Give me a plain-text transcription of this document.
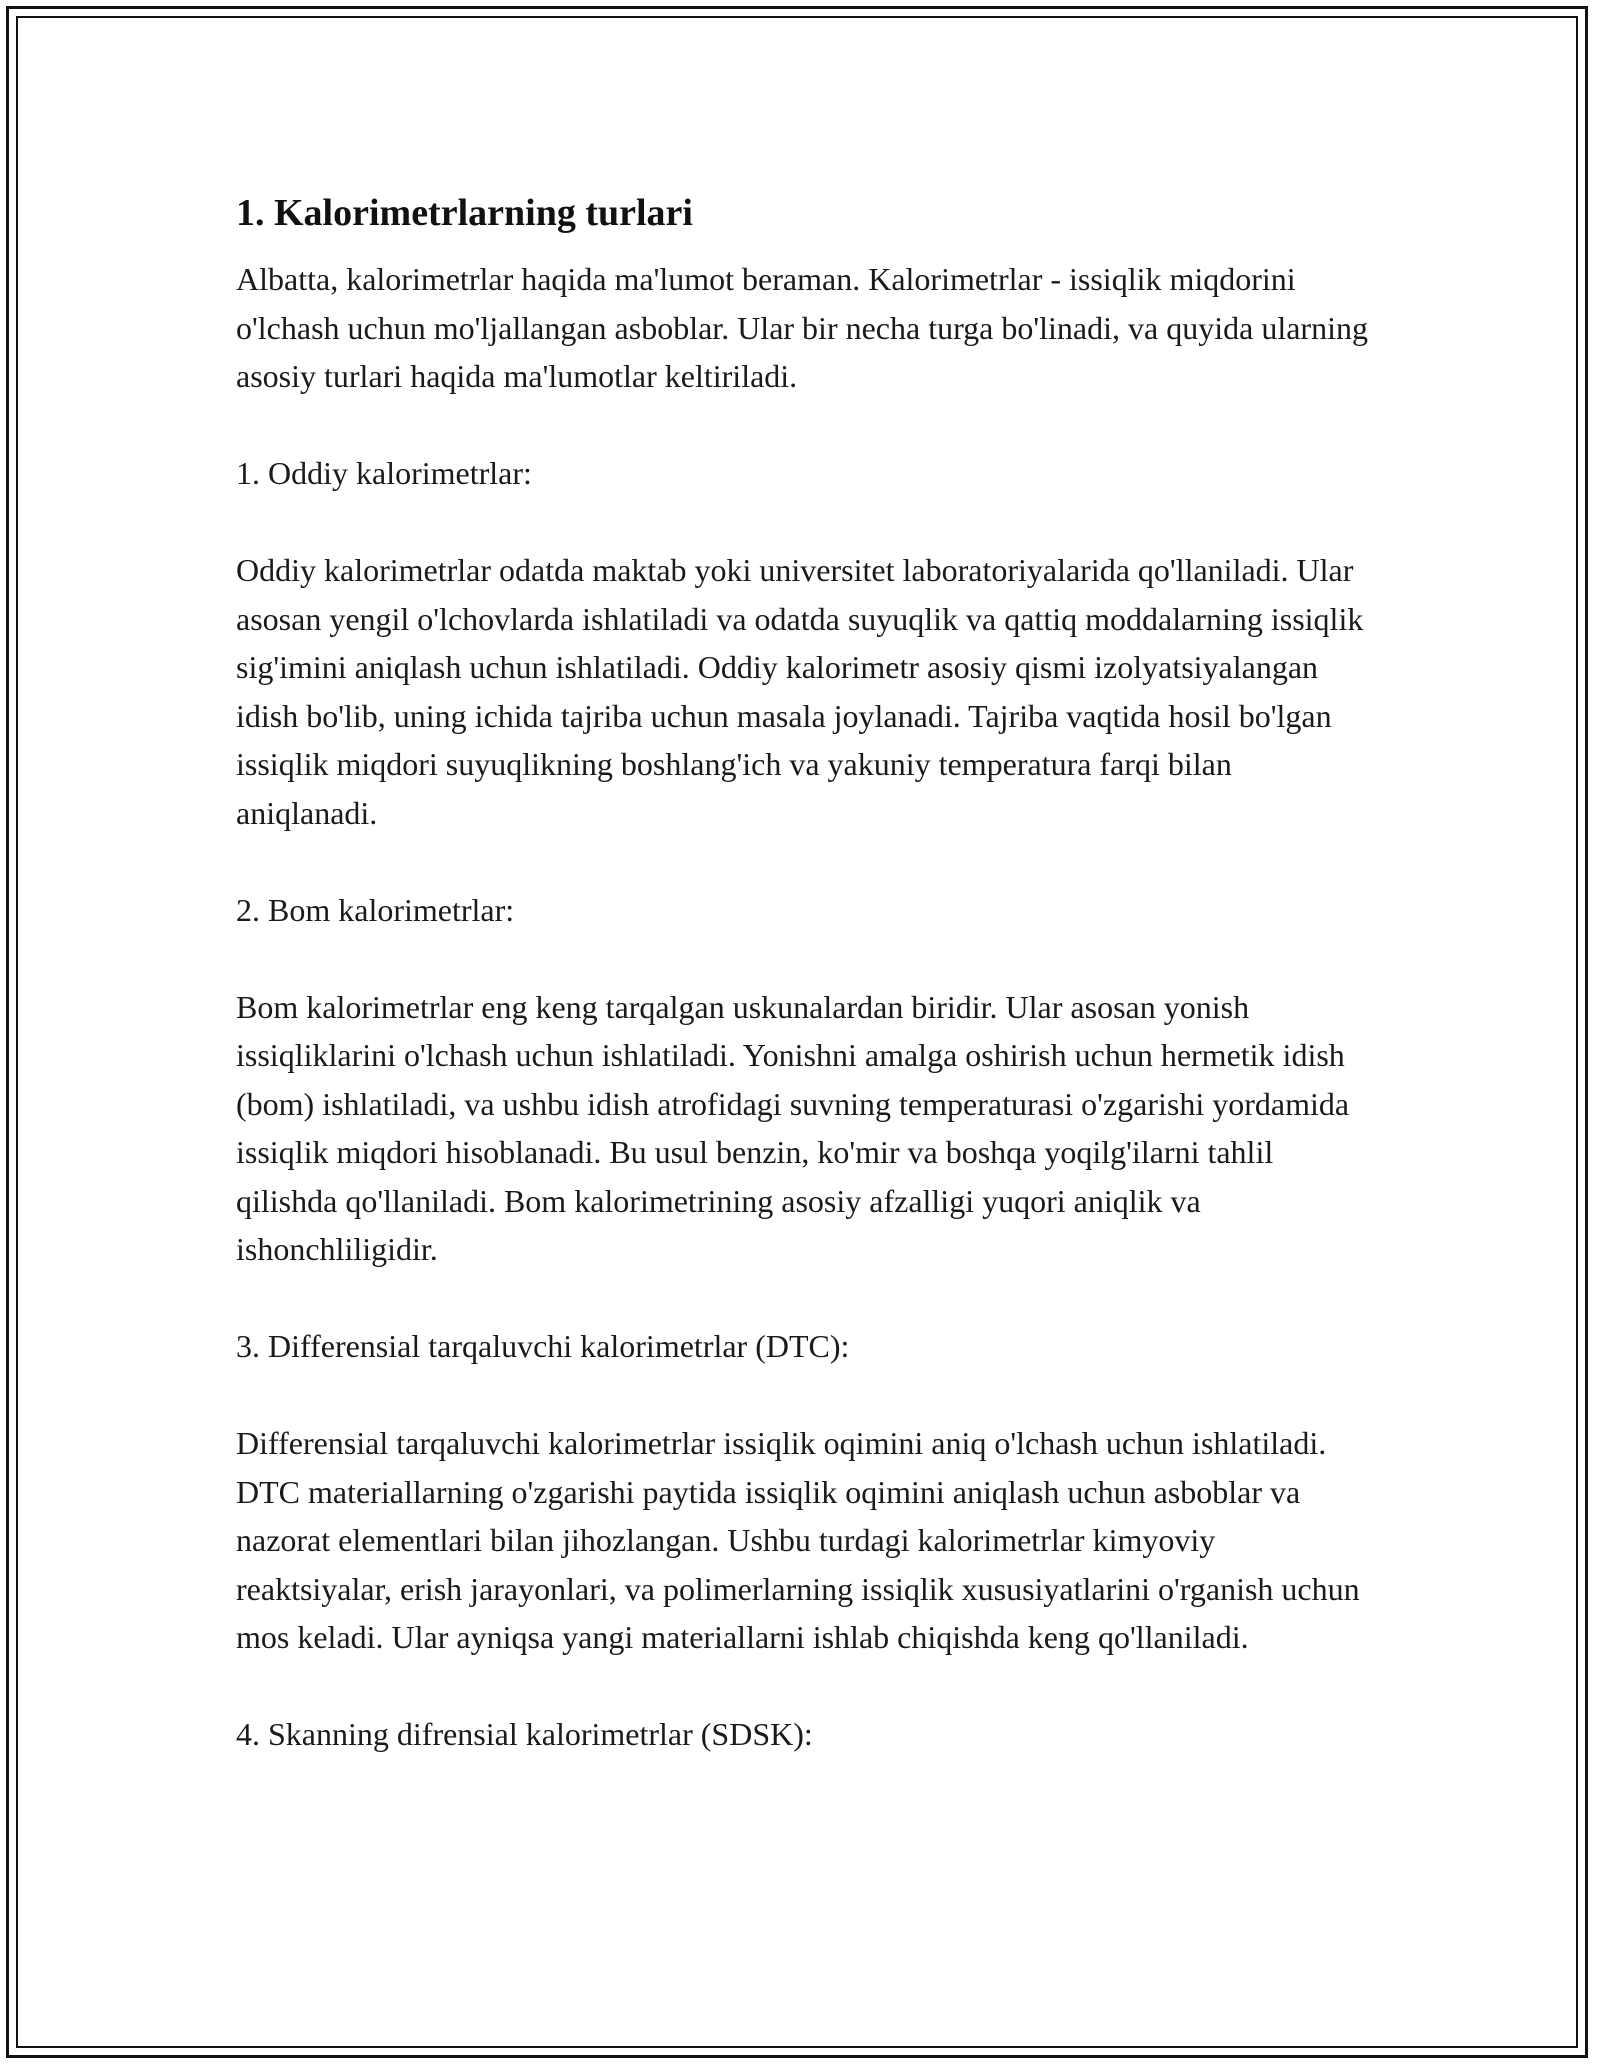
1. Kalorimetrlarning turlari

Albatta, kalorimetrlar haqida ma'lumot beraman. Kalorimetrlar - issiqlik miqdorini o'lchash uchun mo'ljallangan asboblar. Ular bir necha turga bo'linadi, va quyida ularning asosiy turlari haqida ma'lumotlar keltiriladi.

1. Oddiy kalorimetrlar:

Oddiy kalorimetrlar odatda maktab yoki universitet laboratoriyalarida qo'llaniladi. Ular asosan yengil o'lchovlarda ishlatiladi va odatda suyuqlik va qattiq moddalarning issiqlik sig'imini aniqlash uchun ishlatiladi. Oddiy kalorimetr asosiy qismi izolyatsiyalangan idish bo'lib, uning ichida tajriba uchun masala joylanadi. Tajriba vaqtida hosil bo'lgan issiqlik miqdori suyuqlikning boshlang'ich va yakuniy temperatura farqi bilan aniqlanadi.

2. Bom kalorimetrlar:

Bom kalorimetrlar eng keng tarqalgan uskunalardan biridir. Ular asosan yonish issiqliklarini o'lchash uchun ishlatiladi. Yonishni amalga oshirish uchun hermetik idish (bom) ishlatiladi, va ushbu idish atrofidagi suvning temperaturasi o'zgarishi yordamida issiqlik miqdori hisoblanadi. Bu usul benzin, ko'mir va boshqa yoqilg'ilarni tahlil qilishda qo'llaniladi. Bom kalorimetrining asosiy afzalligi yuqori aniqlik va ishonchliligidir.

3. Differensial tarqaluvchi kalorimetrlar (DTC):

Differensial tarqaluvchi kalorimetrlar issiqlik oqimini aniq o'lchash uchun ishlatiladi. DTC materiallarning o'zgarishi paytida issiqlik oqimini aniqlash uchun asboblar va nazorat elementlari bilan jihozlangan. Ushbu turdagi kalorimetrlar kimyoviy reaktsiyalar, erish jarayonlari, va polimerlarning issiqlik xususiyatlarini o'rganish uchun mos keladi. Ular ayniqsa yangi materiallarni ishlab chiqishda keng qo'llaniladi.

4. Skanning difrensial kalorimetrlar (SDSK):
